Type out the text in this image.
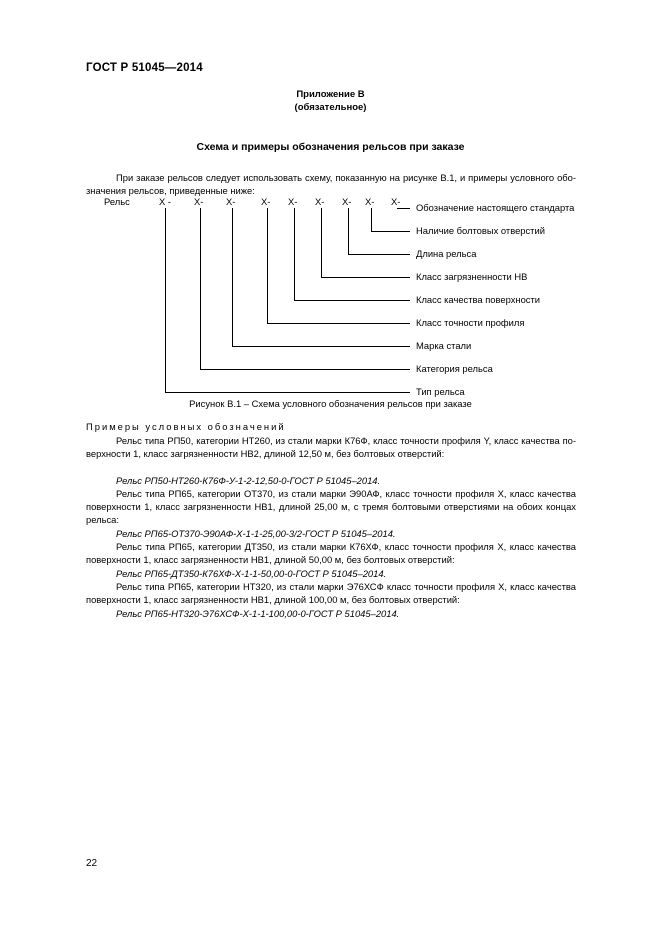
ГОСТ Р 51045—2014
Приложение В
(обязательное)
Схема и примеры обозначения рельсов при заказе
При заказе рельсов следует использовать схему, показанную на рисунке В.1, и примеры условного обозначения рельсов, приведенные ниже:
Рельс	Х - Х- Х-	Х- Х- Х- Х- Х- Х-
Обозначение настоящего стандарта
Наличие болтовых отверстий
Длина рельса
Класс загрязненности НВ
Класс качества поверхности
Класс точности профиля
Марка стали
Категория рельса
Тип рельса
Рисунок В.1 – Схема условного обозначения рельсов при заказе
Примеры условных обозначений
Рельс типа РП50, категории НТ260, из стали марки К76Ф, класс точности профиля Y, класс качества поверхности 1, класс загрязненности НВ2, длиной 12,50 м, без болтовых отверстий:
Рельс РП50-НТ260-К76Ф-У-1-2-12,50-0-ГОСТ Р 51045–2014.
Рельс типа РП65, категории ОТ370, из стали марки Э90АФ, класс точности профиля Х, класс качества поверхности 1, класс загрязненности НВ1, длиной 25,00 м, с тремя болтовыми отверстиями на обоих концах рельса:
Рельс РП65-ОТ370-Э90АФ-Х-1-1-25,00-3/2-ГОСТ Р 51045–2014.
Рельс типа РП65, категории ДТ350, из стали марки К76ХФ, класс точности профиля Х, класс качества поверхности 1, класс загрязненности НВ1, длиной 50,00 м, без болтовых отверстий:
Рельс РП65-ДТ350-К76ХФ-Х-1-1-50,00-0-ГОСТ Р 51045–2014.
Рельс типа РП65, категории НТ320, из стали марки Э76ХСФ класс точности профиля Х, класс качества поверхности 1, класс загрязненности НВ1, длиной 100,00 м, без болтовых отверстий:
Рельс РП65-НТ320-Э76ХСФ-Х-1-1-100,00-0-ГОСТ Р 51045–2014.
22
